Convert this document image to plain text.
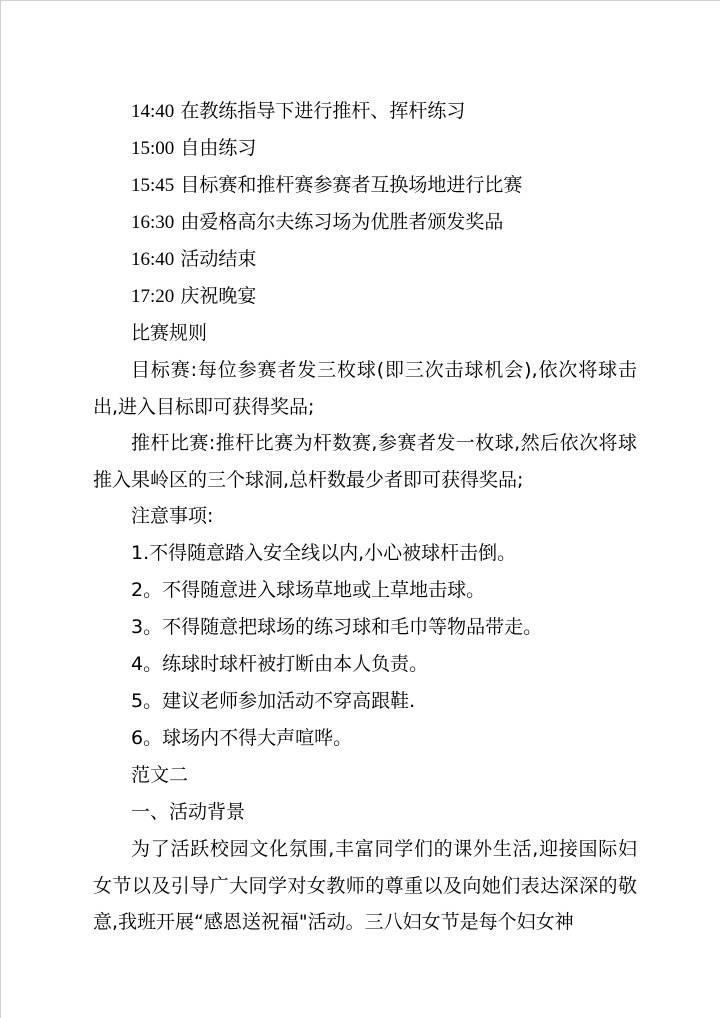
14:40 在教练指导下进行推杆、挥杆练习

15:00 自由练习

15:45 目标赛和推杆赛参赛者互换场地进行比赛

16:30 由爱格高尔夫练习场为优胜者颁发奖品

16:40 活动结束

17:20 庆祝晚宴

比赛规则

目标赛:每位参赛者发三枚球(即三次击球机会),依次将球击出,进入目标即可获得奖品;

推杆比赛:推杆比赛为杆数赛,参赛者发一枚球,然后依次将球推入果岭区的三个球洞,总杆数最少者即可获得奖品;

注意事项:

1.不得随意踏入安全线以内,小心被球杆击倒。

2。不得随意进入球场草地或上草地击球。

3。不得随意把球场的练习球和毛巾等物品带走。

4。练球时球杆被打断由本人负责。

5。建议老师参加活动不穿高跟鞋.

6。球场内不得大声喧哗。

范文二

一、活动背景

为了活跃校园文化氛围,丰富同学们的课外生活,迎接国际妇女节以及引导广大同学对女教师的尊重以及向她们表达深深的敬意,我班开展“感恩送祝福"活动。三八妇女节是每个妇女神
